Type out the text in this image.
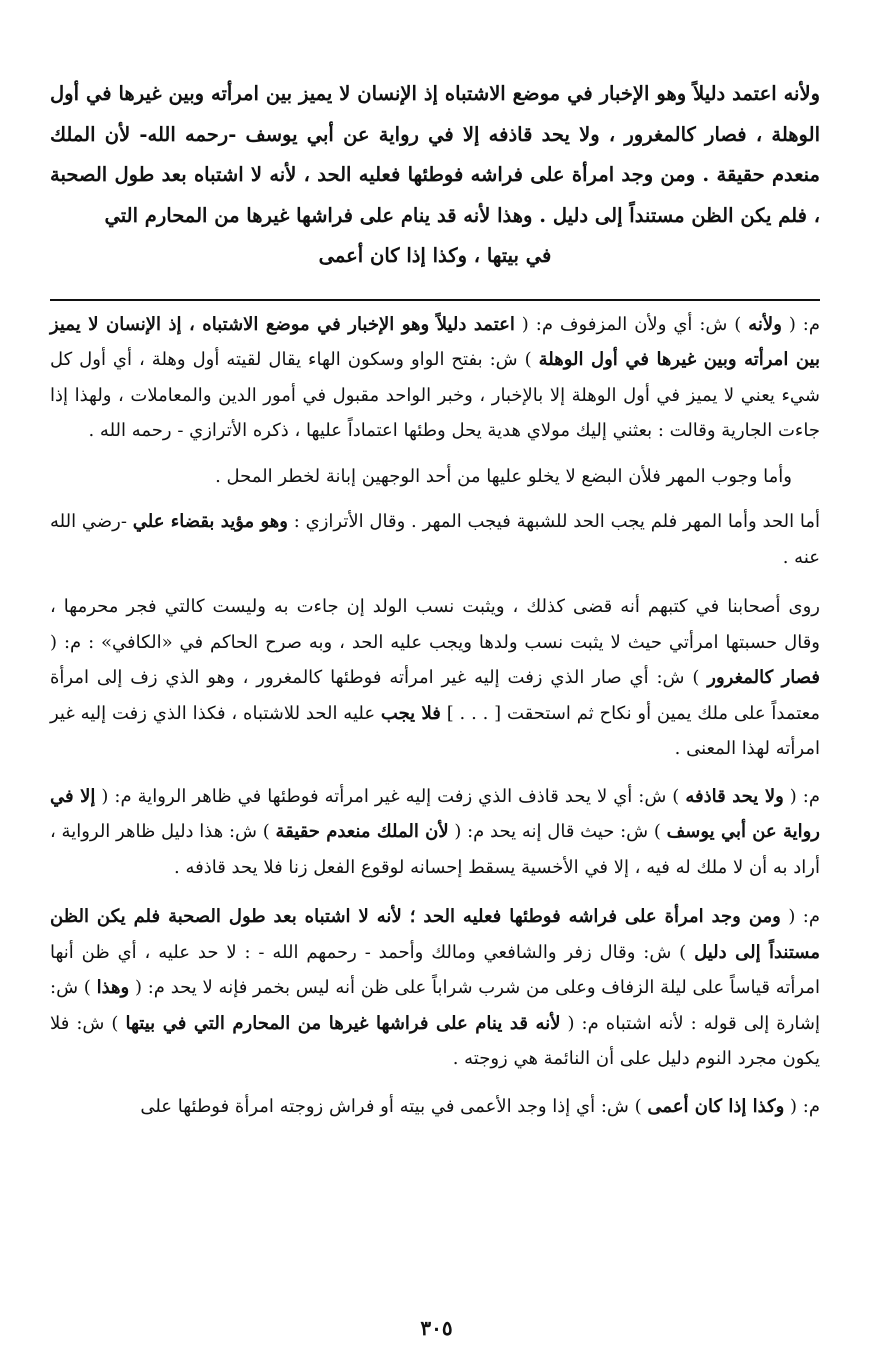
ولأنه اعتمد دليلاً وهو الإخبار في موضع الاشتباه إذ الإنسان لا يميز بين امرأته وبين غيرها في أول الوهلة ، فصار كالمغرور ، ولا يحد قاذفه إلا في رواية عن أبي يوسف -رحمه الله- لأن الملك منعدم حقيقة . ومن وجد امرأة على فراشه فوطئها فعليه الحد ، لأنه لا اشتباه بعد طول الصحبة ، فلم يكن الظن مستنداً إلى دليل . وهذا لأنه قد ينام على فراشها غيرها من المحارم التي

في بيتها ، وكذا إذا كان أعمى

م: ( ولأنه ) ش: أي ولأن المزفوف م: ( اعتمد دليلاً وهو الإخبار في موضع الاشتباه ، إذ الإنسان لا يميز بين امرأته وبين غيرها في أول الوهلة ) ش: بفتح الواو وسكون الهاء يقال لقيته أول وهلة ، أي أول كل شيء يعني لا يميز في أول الوهلة إلا بالإخبار ، وخبر الواحد مقبول في أمور الدين والمعاملات ، ولهذا إذا جاءت الجارية وقالت : بعثني إليك مولاي هدية يحل وطئها اعتماداً عليها ، ذكره الأترازي - رحمه الله .

وأما وجوب المهر فلأن البضع لا يخلو عليها من أحد الوجهين إبانة لخطر المحل .

أما الحد وأما المهر فلم يجب الحد للشبهة فيجب المهر . وقال الأترازي : وهو مؤيد بقضاء علي -رضي الله عنه .

روى أصحابنا في كتبهم أنه قضى كذلك ، ويثبت نسب الولد إن جاءت به وليست كالتي فجر محرمها ، وقال حسبتها امرأتي حيث لا يثبت نسب ولدها ويجب عليه الحد ، وبه صرح الحاكم في «الكافي» : م: ( فصار كالمغرور ) ش: أي صار الذي زفت إليه غير امرأته فوطئها كالمغرور ، وهو الذي زف إلى امرأة معتمداً على ملك يمين أو نكاح ثم استحقت [ . . . ] فلا يجب عليه الحد للاشتباه ، فكذا الذي زفت إليه غير امرأته لهذا المعنى .

م: ( ولا يحد قاذفه ) ش: أي لا يحد قاذف الذي زفت إليه غير امرأته فوطئها في ظاهر الرواية م: ( إلا في رواية عن أبي يوسف ) ش: حيث قال إنه يحد م: ( لأن الملك منعدم حقيقة ) ش: هذا دليل ظاهر الرواية ، أراد به أن لا ملك له فيه ، إلا في الأخسية يسقط إحسانه لوقوع الفعل زنا فلا يحد قاذفه .

م: ( ومن وجد امرأة على فراشه فوطئها فعليه الحد ؛ لأنه لا اشتباه بعد طول الصحبة فلم يكن الظن مستنداً إلى دليل ) ش: وقال زفر والشافعي ومالك وأحمد - رحمهم الله - : لا حد عليه ، أي ظن أنها امرأته قياساً على ليلة الزفاف وعلى من شرب شراباً على ظن أنه ليس بخمر فإنه لا يحد م: ( وهذا ) ش: إشارة إلى قوله : لأنه اشتباه م: ( لأنه قد ينام على فراشها غيرها من المحارم التي في بيتها ) ش: فلا يكون مجرد النوم دليل على أن النائمة هي زوجته .

م: ( وكذا إذا كان أعمى ) ش: أي إذا وجد الأعمى في بيته أو فراش زوجته امرأة فوطئها على

٣٠٥
